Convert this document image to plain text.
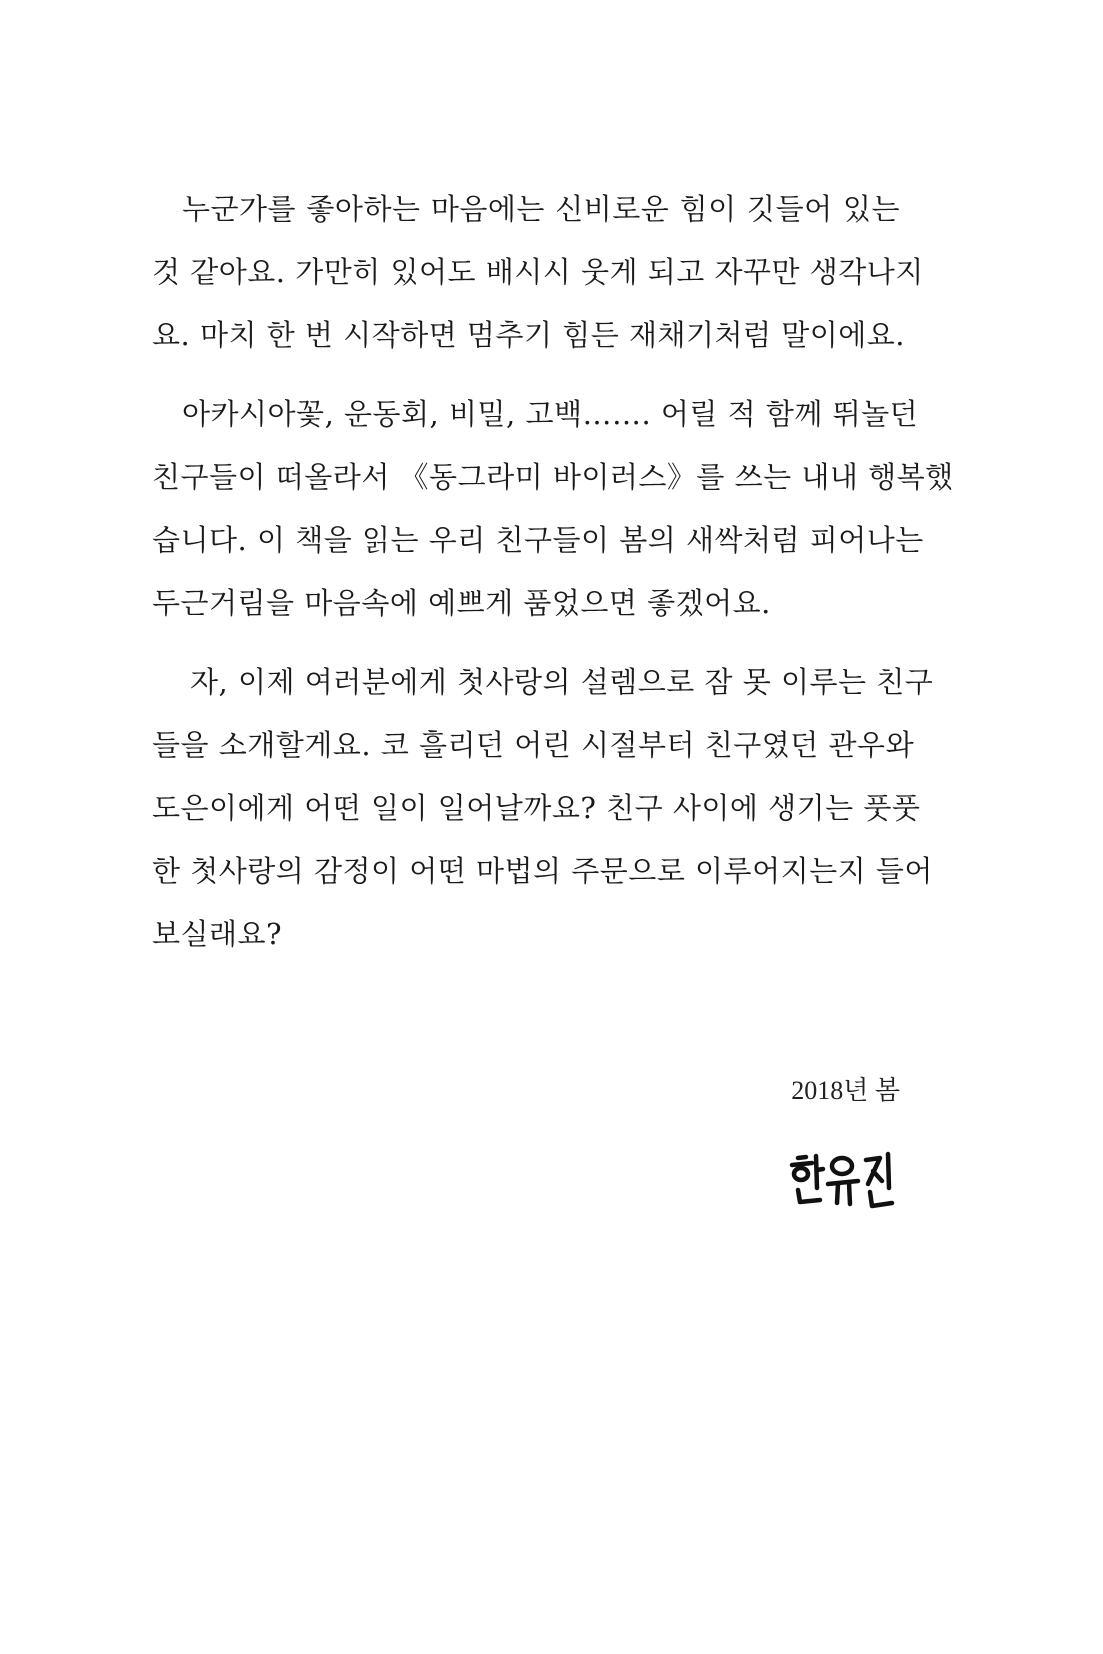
누군가를 좋아하는 마음에는 신비로운 힘이 깃들어 있는
것 같아요. 가만히 있어도 배시시 웃게 되고 자꾸만 생각나지
요. 마치 한 번 시작하면 멈추기 힘든 재채기처럼 말이에요.
아카시아꽃, 운동회, 비밀, 고백……. 어릴 적 함께 뛰놀던
친구들이 떠올라서 《동그라미 바이러스》를 쓰는 내내 행복했
습니다. 이 책을 읽는 우리 친구들이 봄의 새싹처럼 피어나는
두근거림을 마음속에 예쁘게 품었으면 좋겠어요.
자, 이제 여러분에게 첫사랑의 설렘으로 잠 못 이루는 친구
들을 소개할게요. 코 흘리던 어린 시절부터 친구였던 관우와
도은이에게 어떤 일이 일어날까요? 친구 사이에 생기는 풋풋
한 첫사랑의 감정이 어떤 마법의 주문으로 이루어지는지 들어
보실래요?
2018년 봄
